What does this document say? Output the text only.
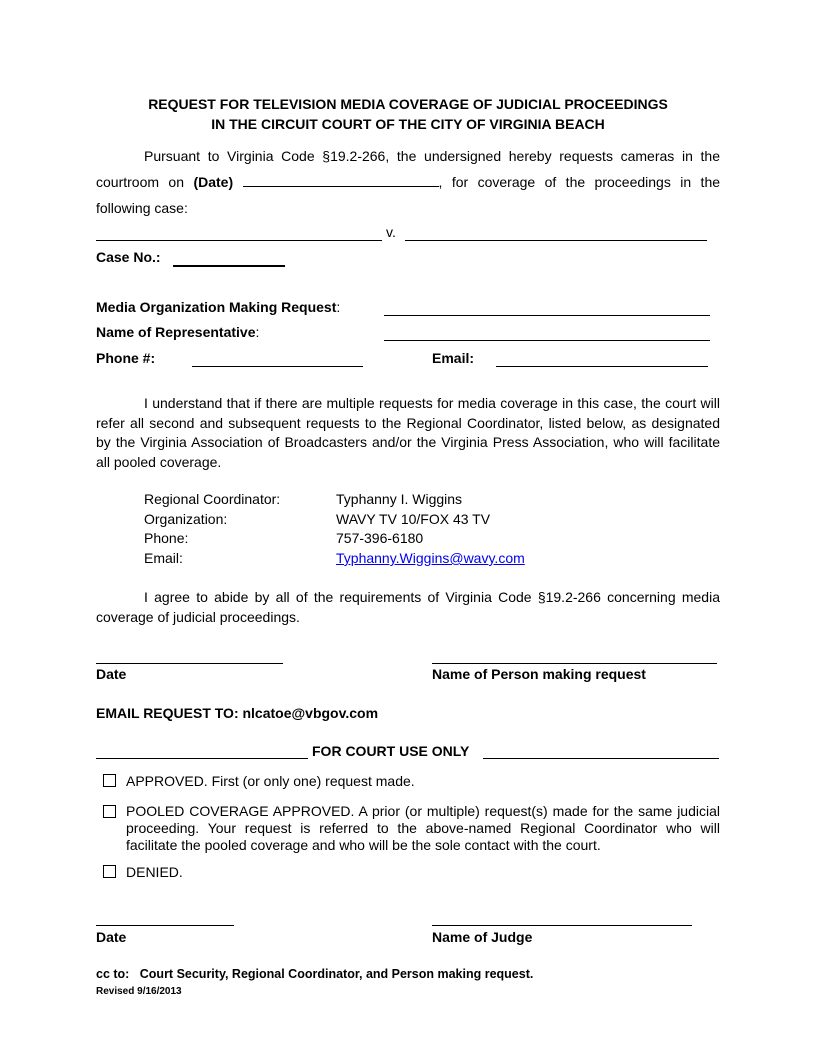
REQUEST FOR TELEVISION MEDIA COVERAGE OF JUDICIAL PROCEEDINGS
IN THE CIRCUIT COURT OF THE CITY OF VIRGINIA BEACH
Pursuant to Virginia Code §19.2-266, the undersigned hereby requests cameras in the courtroom on (Date)	, for coverage of the proceedings in the following case:
v.
Case No.:
Media Organization Making Request:
Name of Representative:
Phone #:	Email:
I understand that if there are multiple requests for media coverage in this case, the court will refer all second and subsequent requests to the Regional Coordinator, listed below, as designated by the Virginia Association of Broadcasters and/or the Virginia Press Association, who will facilitate all pooled coverage.
Regional Coordinator:	Typhanny I. Wiggins
Organization:	WAVY TV 10/FOX 43 TV
Phone:	757-396-6180
Email:	Typhanny.Wiggins@wavy.com
I agree to abide by all of the requirements of Virginia Code §19.2-266 concerning media coverage of judicial proceedings.
Date	Name of Person making request
EMAIL REQUEST TO: nlcatoe@vbgov.com
FOR COURT USE ONLY
APPROVED. First (or only one) request made.
POOLED COVERAGE APPROVED. A prior (or multiple) request(s) made for the same judicial proceeding. Your request is referred to the above-named Regional Coordinator who will facilitate the pooled coverage and who will be the sole contact with the court.
DENIED.
Date	Name of Judge
cc to: Court Security, Regional Coordinator, and Person making request.
Revised 9/16/2013
